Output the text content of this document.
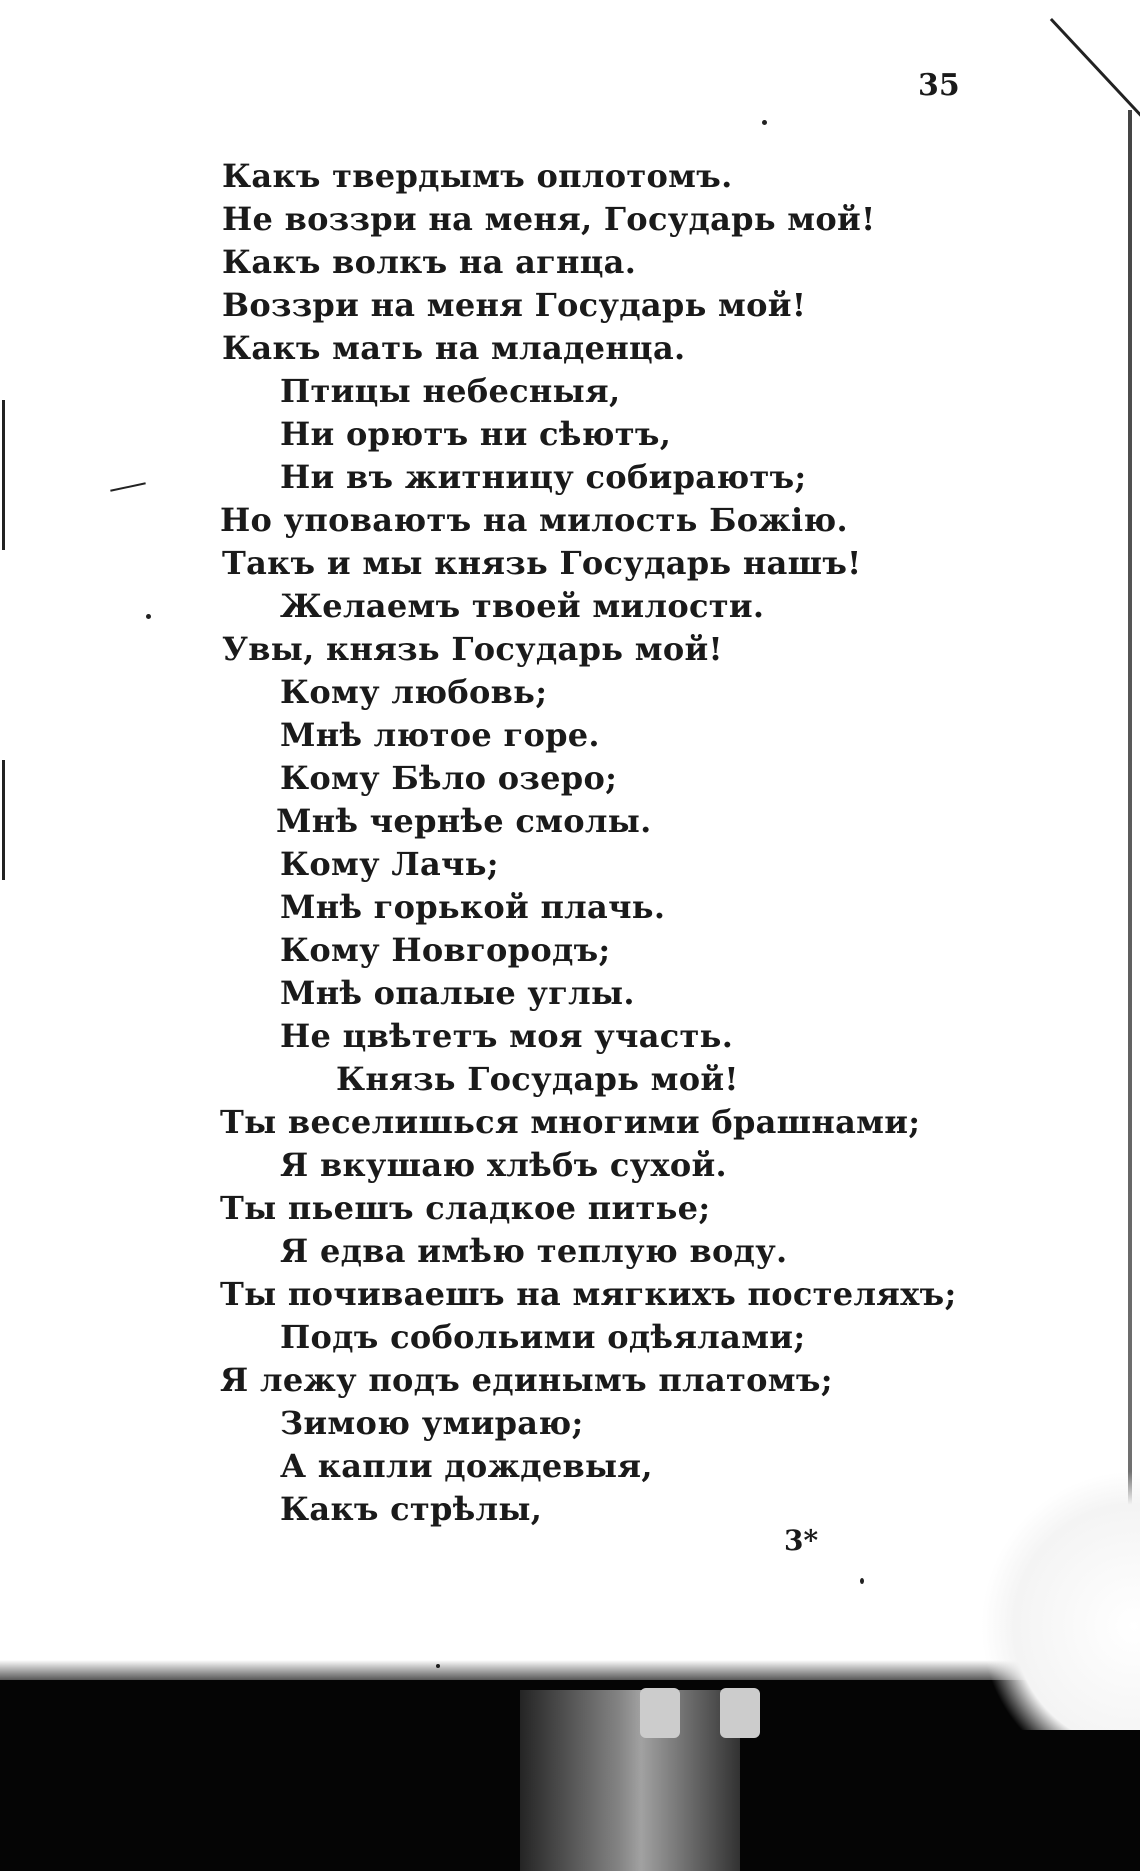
35
Какъ твердымъ оплотомъ.
Не воззри на меня, Государь мой!
Какъ волкъ на агнца.
Воззри на меня Государь мой!
Какъ мать на младенца.
Птицы небесныя,
Ни орютъ ни сѣютъ,
Ни въ житницу собираютъ;
Но уповаютъ на милость Божію.
Такъ и мы князь Государь нашъ!
Желаемъ твоей милости.
Увы, князь Государь мой!
Кому любовь;
Мнѣ лютое горе.
Кому Бѣло озеро;
Мнѣ чернѣе смолы.
Кому Лачь;
Мнѣ горькой плачь.
Кому Новгородъ;
Мнѣ опалые углы.
Не цвѣтетъ моя участь.
Князь Государь мой!
Ты веселишься многими брашнами;
Я вкушаю хлѣбъ сухой.
Ты пьешъ сладкое питье;
Я едва имѣю теплую воду.
Ты почиваешъ на мягкихъ постеляхъ;
Подъ собольими одѣялами;
Я лежу подъ единымъ платомъ;
Зимою умираю;
А капли дождевыя,
Какъ стрѣлы,
3*
